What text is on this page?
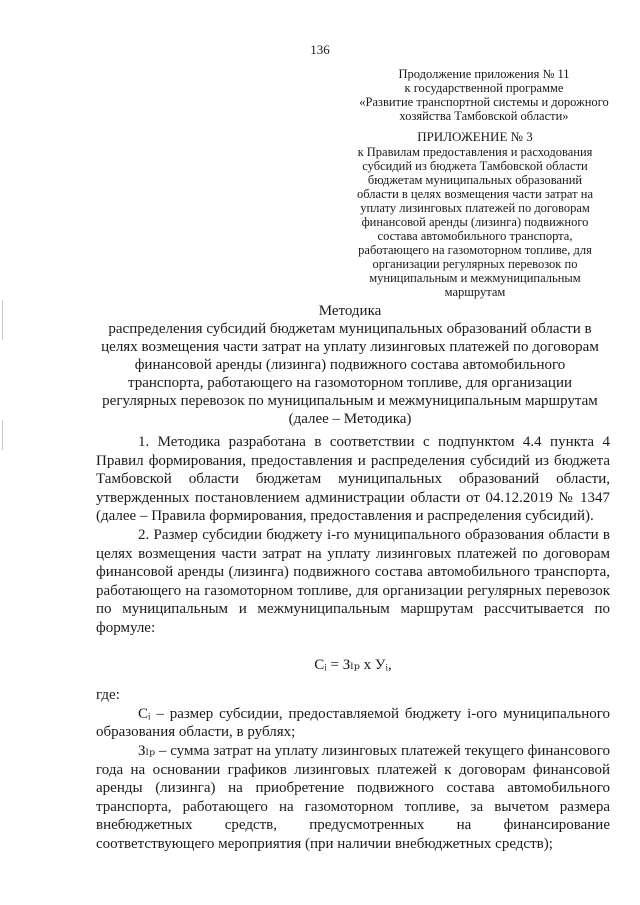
136
Продолжение приложения № 11
к государственной программе
«Развитие транспортной системы и дорожного
хозяйства Тамбовской области»
ПРИЛОЖЕНИЕ № 3
к Правилам предоставления и расходования
субсидий из бюджета Тамбовской области
бюджетам муниципальных образований
области в целях возмещения части затрат на
уплату лизинговых платежей по договорам
финансовой аренды (лизинга) подвижного
состава автомобильного транспорта,
работающего на газомоторном топливе, для
организации регулярных перевозок по
муниципальным и межмуниципальным
маршрутам
Методика
распределения субсидий бюджетам муниципальных образований области в
целях возмещения части затрат на уплату лизинговых платежей по договорам
финансовой аренды (лизинга) подвижного состава автомобильного
транспорта, работающего на газомоторном топливе, для организации
регулярных перевозок по муниципальным и межмуниципальным маршрутам
(далее – Методика)

1. Методика разработана в соответствии с подпунктом 4.4 пункта 4 Правил формирования, предоставления и распределения субсидий из бюджета Тамбовской области бюджетам муниципальных образований области, утвержденных постановлением администрации области от 04.12.2019 № 1347 (далее – Правила формирования, предоставления и распределения субсидий).

2. Размер субсидии бюджету i-го муниципального образования области в целях возмещения части затрат на уплату лизинговых платежей по договорам финансовой аренды (лизинга) подвижного состава автомобильного транспорта, работающего на газомоторном топливе, для организации регулярных перевозок по муниципальным и межмуниципальным маршрутам рассчитывается по формуле:

Cᵢ = Зₗₚ x Уᵢ,

где:

Cᵢ – размер субсидии, предоставляемой бюджету i-ого муниципального образования области, в рублях;

Зₗₚ – сумма затрат на уплату лизинговых платежей текущего финансового года на основании графиков лизинговых платежей к договорам финансовой аренды (лизинга) на приобретение подвижного состава автомобильного транспорта, работающего на газомоторном топливе, за вычетом размера внебюджетных средств, предусмотренных на финансирование соответствующего мероприятия (при наличии внебюджетных средств);
